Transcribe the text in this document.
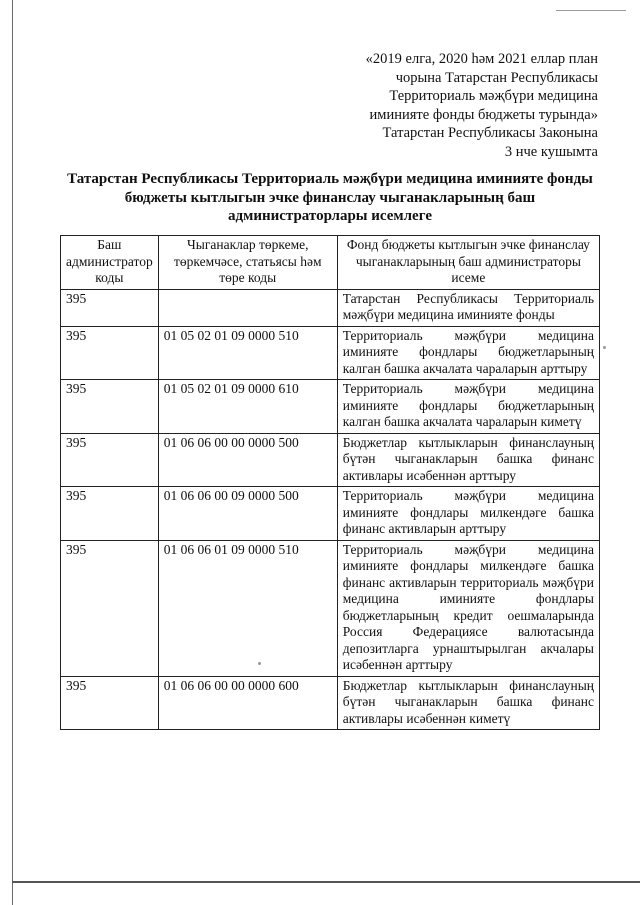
«2019 елга, 2020 һәм 2021 еллар план
чорына Татарстан Республикасы
Территориаль мәҗбүри медицина
иминияте фонды бюджеты турында»
Татарстан Республикасы Законына
3 нче кушымта
Татарстан Республикасы Территориаль мәҗбүри медицина иминияте фонды
бюджеты кытлыгын эчке финанслау чыганакларының баш
администраторлары исемлеге
Баш администратор коды	Чыганаклар төркеме, төркемчәсе, статьясы һәм төре коды	Фонд бюджеты кытлыгын эчке финанслау чыганакларының баш администраторы исеме
395		Татарстан Республикасы Территориаль мәҗбүри медицина иминияте фонды
395	01 05 02 01 09 0000 510	Территориаль мәҗбүри медицина иминияте фондлары бюджетларының калган башка акчалата чараларын арттыру
395	01 05 02 01 09 0000 610	Территориаль мәҗбүри медицина иминияте фондлары бюджетларының калган башка акчалата чараларын киметү
395	01 06 06 00 00 0000 500	Бюджетлар кытлыкларын финанслауның бүтән чыганакларын башка финанс активлары исәбеннән арттыру
395	01 06 06 00 09 0000 500	Территориаль мәҗбүри медицина иминияте фондлары милкендәге башка финанс активларын арттыру
395	01 06 06 01 09 0000 510	Территориаль мәҗбүри медицина иминияте фондлары милкендәге башка финанс активларын территориаль мәҗбүри медицина иминияте фондлары бюджетларының кредит оешмаларында Россия Федерациясе валютасында депозитларга урнаштырылган акчалары исәбеннән арттыру
395	01 06 06 00 00 0000 600	Бюджетлар кытлыкларын финанслауның бүтән чыганакларын башка финанс активлары исәбеннән киметү
